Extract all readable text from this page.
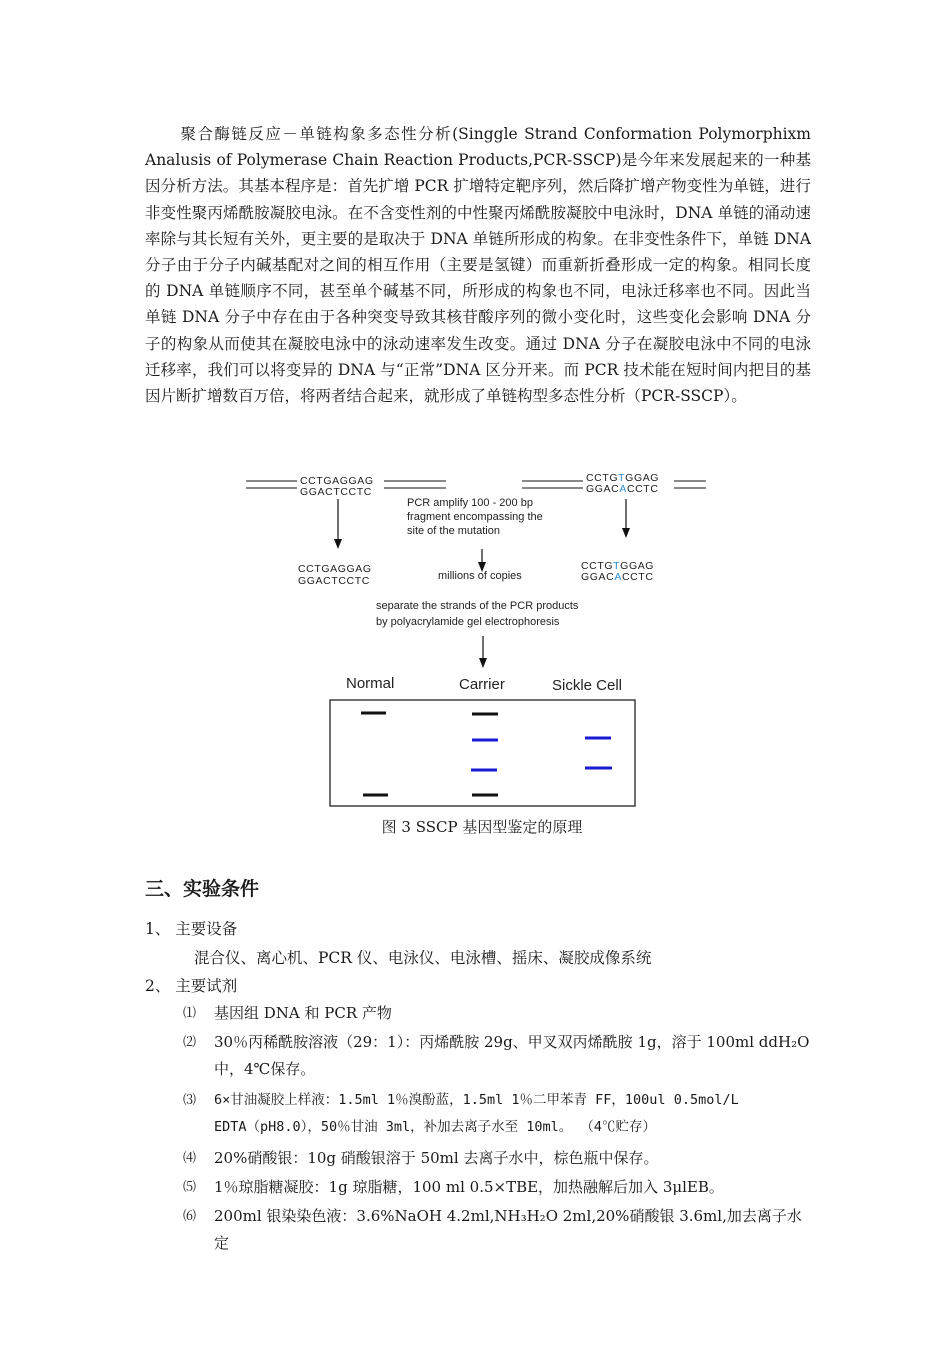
聚合酶链反应－单链构象多态性分析(Singgle Strand Conformation Polymorphixm Analusis of Polymerase Chain Reaction Products,PCR-SSCP)是今年来发展起来的一种基因分析方法。其基本程序是：首先扩增 PCR 扩增特定靶序列，然后降扩增产物变性为单链，进行非变性聚丙烯酰胺凝胶电泳。在不含变性剂的中性聚丙烯酰胺凝胶中电泳时，DNA 单链的涌动速率除与其长短有关外，更主要的是取决于 DNA 单链所形成的构象。在非变性条件下，单链 DNA 分子由于分子内碱基配对之间的相互作用（主要是氢键）而重新折叠形成一定的构象。相同长度的 DNA 单链顺序不同，甚至单个碱基不同，所形成的构象也不同，电泳迁移率也不同。因此当单链 DNA 分子中存在由于各种突变导致其核苷酸序列的微小变化时，这些变化会影响 DNA 分子的构象从而使其在凝胶电泳中的泳动速率发生改变。通过 DNA 分子在凝胶电泳中不同的电泳迁移率，我们可以将变异的 DNA 与“正常”DNA 区分开来。而 PCR 技术能在短时间内把目的基因片断扩增数百万倍，将两者结合起来，就形成了单链构型多态性分析（PCR-SSCP）。
CCTGAGGAG
GGACTCCTC
CCTGTGGAG
GGACACCTC
PCR amplify 100 - 200 bp
fragment encompassing the
site of the mutation
CCTGAGGAG
GGACTCCTC	millions of copies
CCTGTGGAG
GGACACCTC
separate the strands of the PCR products
by polyacrylamide gel electrophoresis
Normal	Carrier	Sickle Cell
图 3 SSCP 基因型鉴定的原理
三、实验条件
1、 主要设备
混合仪、离心机、PCR 仪、电泳仪、电泳槽、摇床、凝胶成像系统
2、 主要试剂
⑴	基因组 DNA 和 PCR 产物
⑵	30％丙稀酰胺溶液（29：1）：丙烯酰胺 29g、甲叉双丙烯酰胺 1g，溶于 100ml ddH₂O
中，4℃保存。
⑶	6×甘油凝胶上样液：1.5ml 1％溴酚蓝，1.5ml 1％二甲苯青 FF，100ul 0.5mol/L
EDTA（pH8.0），50％甘油 3ml，补加去离子水至 10ml。 （4℃贮存）
⑷	20%硝酸银：10g 硝酸银溶于 50ml 去离子水中，棕色瓶中保存。
⑸	1％琼脂糖凝胶：1g 琼脂糖，100 ml 0.5×TBE，加热融解后加入 3μlEB。
⑹	200ml 银染染色液：3.6%NaOH 4.2ml,NH₃H₂O 2ml,20%硝酸银 3.6ml,加去离子水定
